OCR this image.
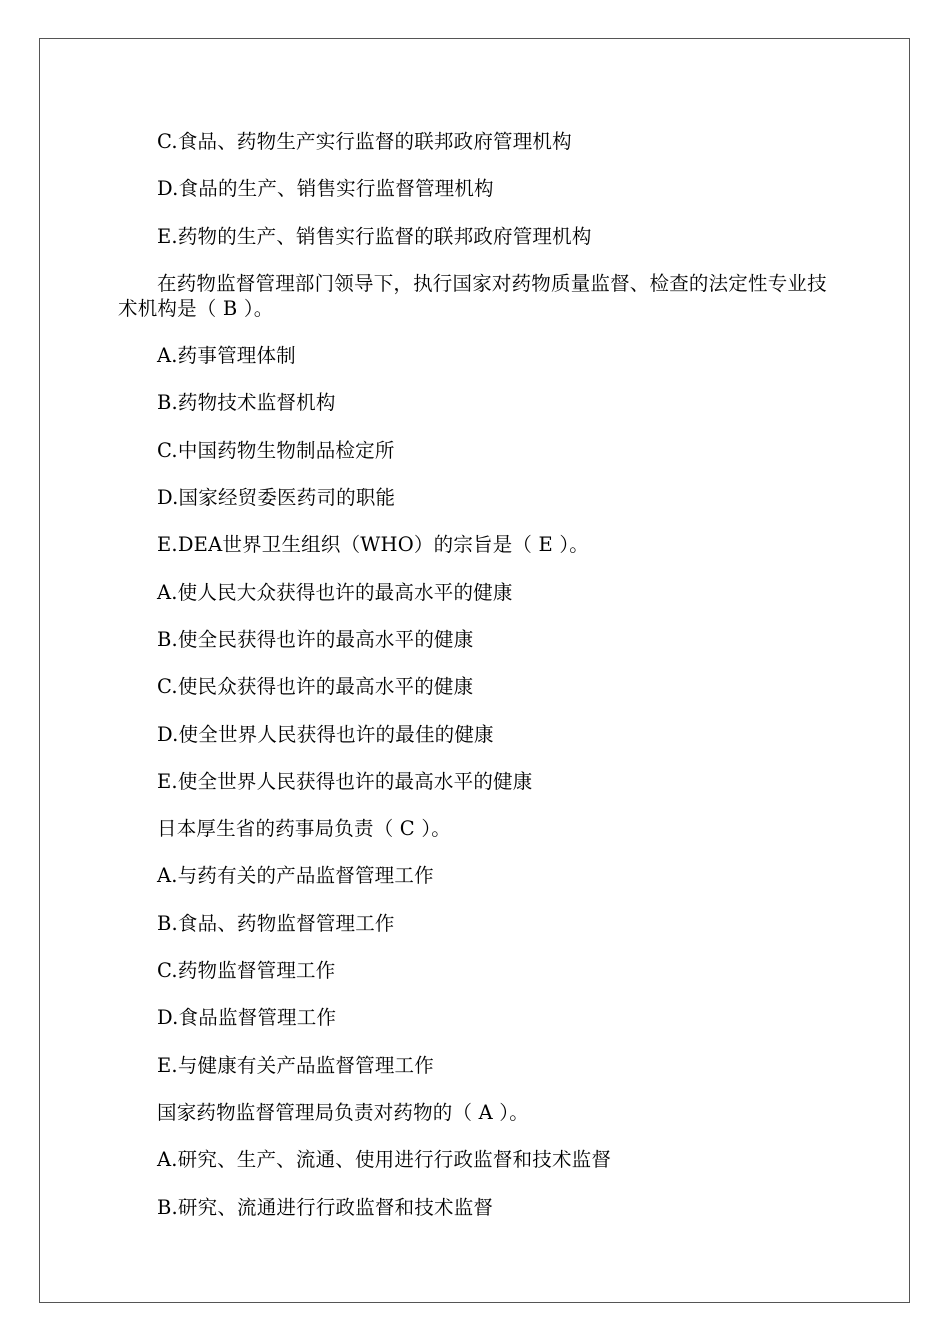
C.食品、药物生产实行监督的联邦政府管理机构

D.食品的生产、销售实行监督管理机构

E.药物的生产、销售实行监督的联邦政府管理机构

在药物监督管理部门领导下，执行国家对药物质量监督、检查的法定性专业技术机构是（ B ）。

A.药事管理体制

B.药物技术监督机构

C.中国药物生物制品检定所

D.国家经贸委医药司的职能

E.DEA世界卫生组织（WHO）的宗旨是（ E ）。

A.使人民大众获得也许的最高水平的健康

B.使全民获得也许的最高水平的健康

C.使民众获得也许的最高水平的健康

D.使全世界人民获得也许的最佳的健康

E.使全世界人民获得也许的最高水平的健康

日本厚生省的药事局负责（ C ）。

A.与药有关的产品监督管理工作

B.食品、药物监督管理工作

C.药物监督管理工作

D.食品监督管理工作

E.与健康有关产品监督管理工作

国家药物监督管理局负责对药物的（ A ）。

A.研究、生产、流通、使用进行行政监督和技术监督

B.研究、流通进行行政监督和技术监督
